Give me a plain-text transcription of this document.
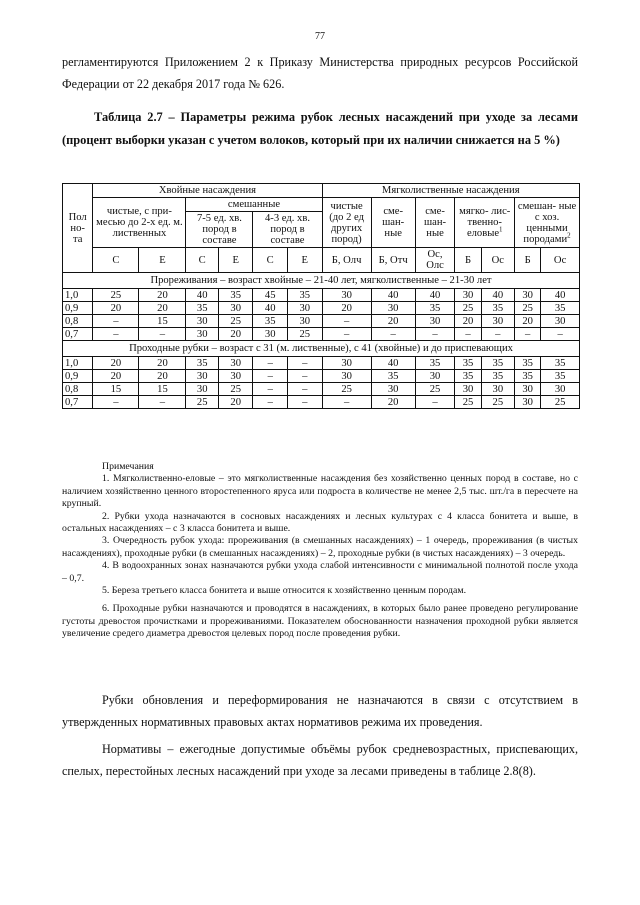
77
регламентируются Приложением 2 к Приказу Министерства природных ресурсов Российской Федерации от 22 декабря 2017 года № 626.
Таблица 2.7 – Параметры режима рубок лесных насаждений при уходе за лесами (процент выборки указан с учетом волоков, который при их наличии снижается на 5 %)
Пол но- та	Хвойные насаждения						Мягколиственные насаждения						
	чистые, с при- месью до 2-х ед. м. лиственных		смешанные				чистые (до 2 ед других пород)	сме- шан- ные	сме- шан- ные	мягко- лис- твенно- еловые$^1$		смешан- ные с хоз. ценными породами$^2$
			7-5 ед. хв. пород в составе		4-3 ед. хв. пород в составе								
	С	Е	С	Е	С	Е	Б, Олч	Б, Отч	Ос, Олс	Б	Ос	Б	Ос
Прореживания – возраст хвойные – 21-40 лет, мягколиственные – 21-30 лет													
1,0	25	20	40	35	45	35	30	40	40	30	40	30	40
0,9	20	20	35	30	40	30	20	30	35	25	35	25	35
0,8	–	15	30	25	35	30	–	20	30	20	30	20	30
0,7	–	–	30	20	30	25	–	–	–	–	–	–	–
Проходные рубки – возраст с 31 (м. лиственные), с 41 (хвойные) и до приспевающих													
1,0	20	20	35	30	–	–	30	40	35	35	35	35	35
0,9	20	20	30	30	–	–	30	35	30	35	35	35	35
0,8	15	15	30	25	–	–	25	30	25	30	30	30	30
0,7	–	–	25	20	–	–	–	20	–	25	25	30	25
Примечания

1. Мягколиственно-еловые – это мягколиственные насаждения без хозяйственно ценных пород в составе, но с наличием хозяйственно ценного второстепенного яруса или подроста в количестве не менее 2,5 тыс. шт./га в пересчете на крупный.

2. Рубки ухода назначаются в сосновых насаждениях и лесных культурах с 4 класса бонитета и выше, в остальных насаждениях – с 3 класса бонитета и выше.

3. Очередность рубок ухода: прореживания (в смешанных насаждениях) – 1 очередь, прореживания (в чистых насаждениях), проходные рубки (в смешанных насаждениях) – 2, проходные рубки (в чистых насаждениях) – 3 очередь.

4. В водоохранных зонах назначаются рубки ухода слабой интенсивности с минимальной полнотой после ухода – 0,7.

5. Береза третьего класса бонитета и выше относится к хозяйственно ценным породам.

6. Проходные рубки назначаются и проводятся в насаждениях, в которых было ранее проведено регулирование густоты древостоя прочистками и прореживаниями. Показателем обоснованности назначения проходной рубки является увеличение средего диаметра древостоя целевых пород после проведения рубки.

Рубки обновления и переформирования не назначаются в связи с отсутствием в утвержденных нормативных правовых актах нормативов режима их проведения.
Нормативы – ежегодные допустимые объёмы рубок средневозрастных, приспевающих, спелых, перестойных лесных насаждений при уходе за лесами приведены в таблице 2.8(8).
